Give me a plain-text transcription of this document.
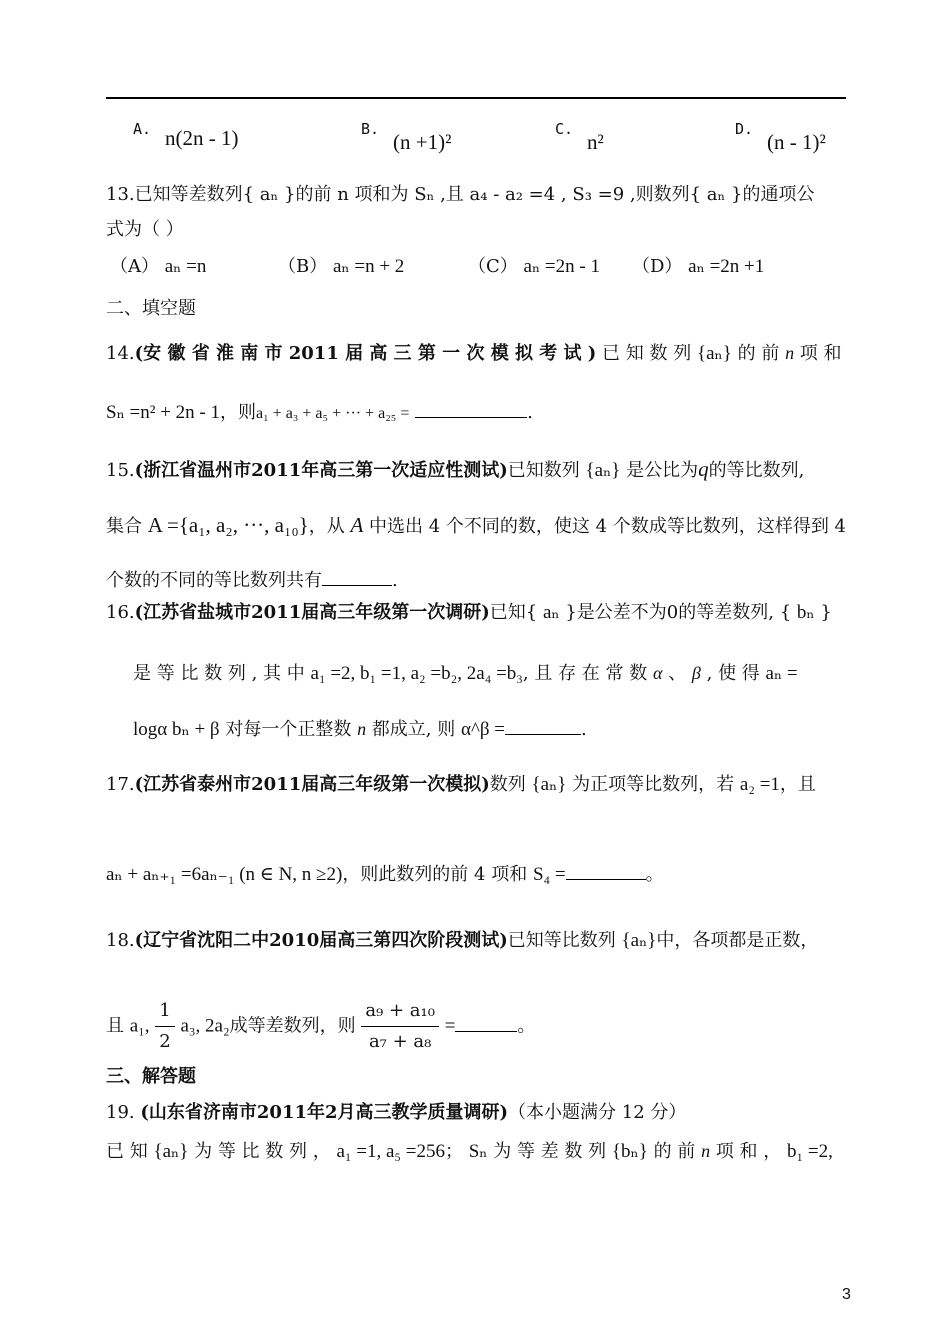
A. n(2n - 1)	B.
(n +1)²
C.
n²
D.
(n - 1)²
13.已知等差数列{ aₙ }的前 n 项和为 Sₙ ,且 a₄ - a₂ =4 , S₃ =9 ,则数列{ aₙ }的通项公
式为（ ）
（A） aₙ =n	（B） aₙ =n + 2	（C） aₙ =2n - 1 （D） aₙ =2n +1
二、填空题
14.(安 徽 省 淮 南 市 2011 届 高 三 第 一 次 模 拟 考 试 ) 已 知 数 列 {aₙ} 的 前 n 项 和
Sₙ =n² + 2n - 1，则a₁ + a₃ + a₅ + ··· + a₂₅ =	.
15.(浙江省温州市2011年高三第一次适应性测试)已知数列 {aₙ} 是公比为q的等比数列,
集合 A ={a₁, a₂, ···, a₁₀}，从 A 中选出 4 个不同的数，使这 4 个数成等比数列，这样得到 4
个数的不同的等比数列共有	.
16.(江苏省盐城市2011届高三年级第一次调研)已知{ aₙ }是公差不为0的等差数列, { bₙ }
是 等 比 数 列 , 其 中 a₁ =2, b₁ =1, a₂ =b₂, 2a₄ =b₃, 且 存 在 常 数 α 、 β , 使 得 aₙ =
logα bₙ + β 对每一个正整数 n 都成立, 则 α^β =	.
17.(江苏省泰州市2011届高三年级第一次模拟)数列 {aₙ} 为正项等比数列，若 a₂ =1，且
aₙ + aₙ₊₁ =6aₙ₋₁ (n ∈ N, n ≥2)，则此数列的前 4 项和 S₄ =	。
18.(辽宁省沈阳二中2010届高三第四次阶段测试)已知等比数列 {aₙ}中，各项都是正数，
且 a₁, $\frac{1}{2} a_3$, 2a₂成等差数列，则 $\frac{\text{a₉ + a₁₀}}{\text{a₇ + a₈}}$ =	。
三、解答题
19. (山东省济南市2011年2月高三教学质量调研)（本小题满分 12 分）
已 知 {aₙ} 为 等 比 数 列 ， a₁ =1, a₅ =256； Sₙ 为 等 差 数 列 {bₙ} 的 前 n 项 和 ， b₁ =2,
3
